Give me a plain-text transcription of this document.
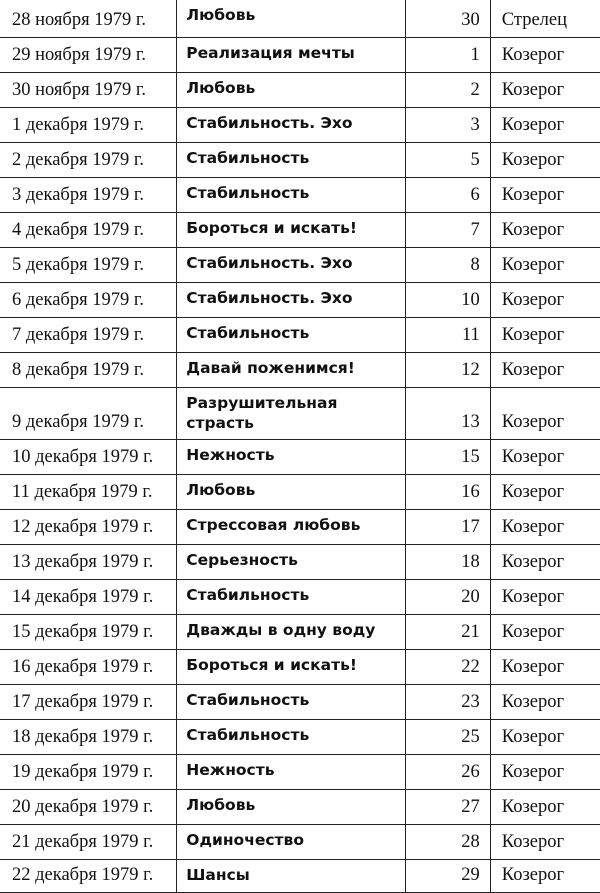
28 ноября 1979 г.	Любовь	30	Стрелец
29 ноября 1979 г.	Реализация мечты	1	Козерог
30 ноября 1979 г.	Любовь	2	Козерог
1 декабря 1979 г.	Стабильность. Эхо	3	Козерог
2 декабря 1979 г.	Стабильность	5	Козерог
3 декабря 1979 г.	Стабильность	6	Козерог
4 декабря 1979 г.	Бороться и искать!	7	Козерог
5 декабря 1979 г.	Стабильность. Эхо	8	Козерог
6 декабря 1979 г.	Стабильность. Эхо	10	Козерог
7 декабря 1979 г.	Стабильность	11	Козерог
8 декабря 1979 г.	Давай поженимся!	12	Козерог
9 декабря 1979 г.	Разрушительная страсть	13	Козерог
10 декабря 1979 г.	Нежность	15	Козерог
11 декабря 1979 г.	Любовь	16	Козерог
12 декабря 1979 г.	Стрессовая любовь	17	Козерог
13 декабря 1979 г.	Серьезность	18	Козерог
14 декабря 1979 г.	Стабильность	20	Козерог
15 декабря 1979 г.	Дважды в одну воду	21	Козерог
16 декабря 1979 г.	Бороться и искать!	22	Козерог
17 декабря 1979 г.	Стабильность	23	Козерог
18 декабря 1979 г.	Стабильность	25	Козерог
19 декабря 1979 г.	Нежность	26	Козерог
20 декабря 1979 г.	Любовь	27	Козерог
21 декабря 1979 г.	Одиночество	28	Козерог
22 декабря 1979 г.	Шансы	29	Козерог
